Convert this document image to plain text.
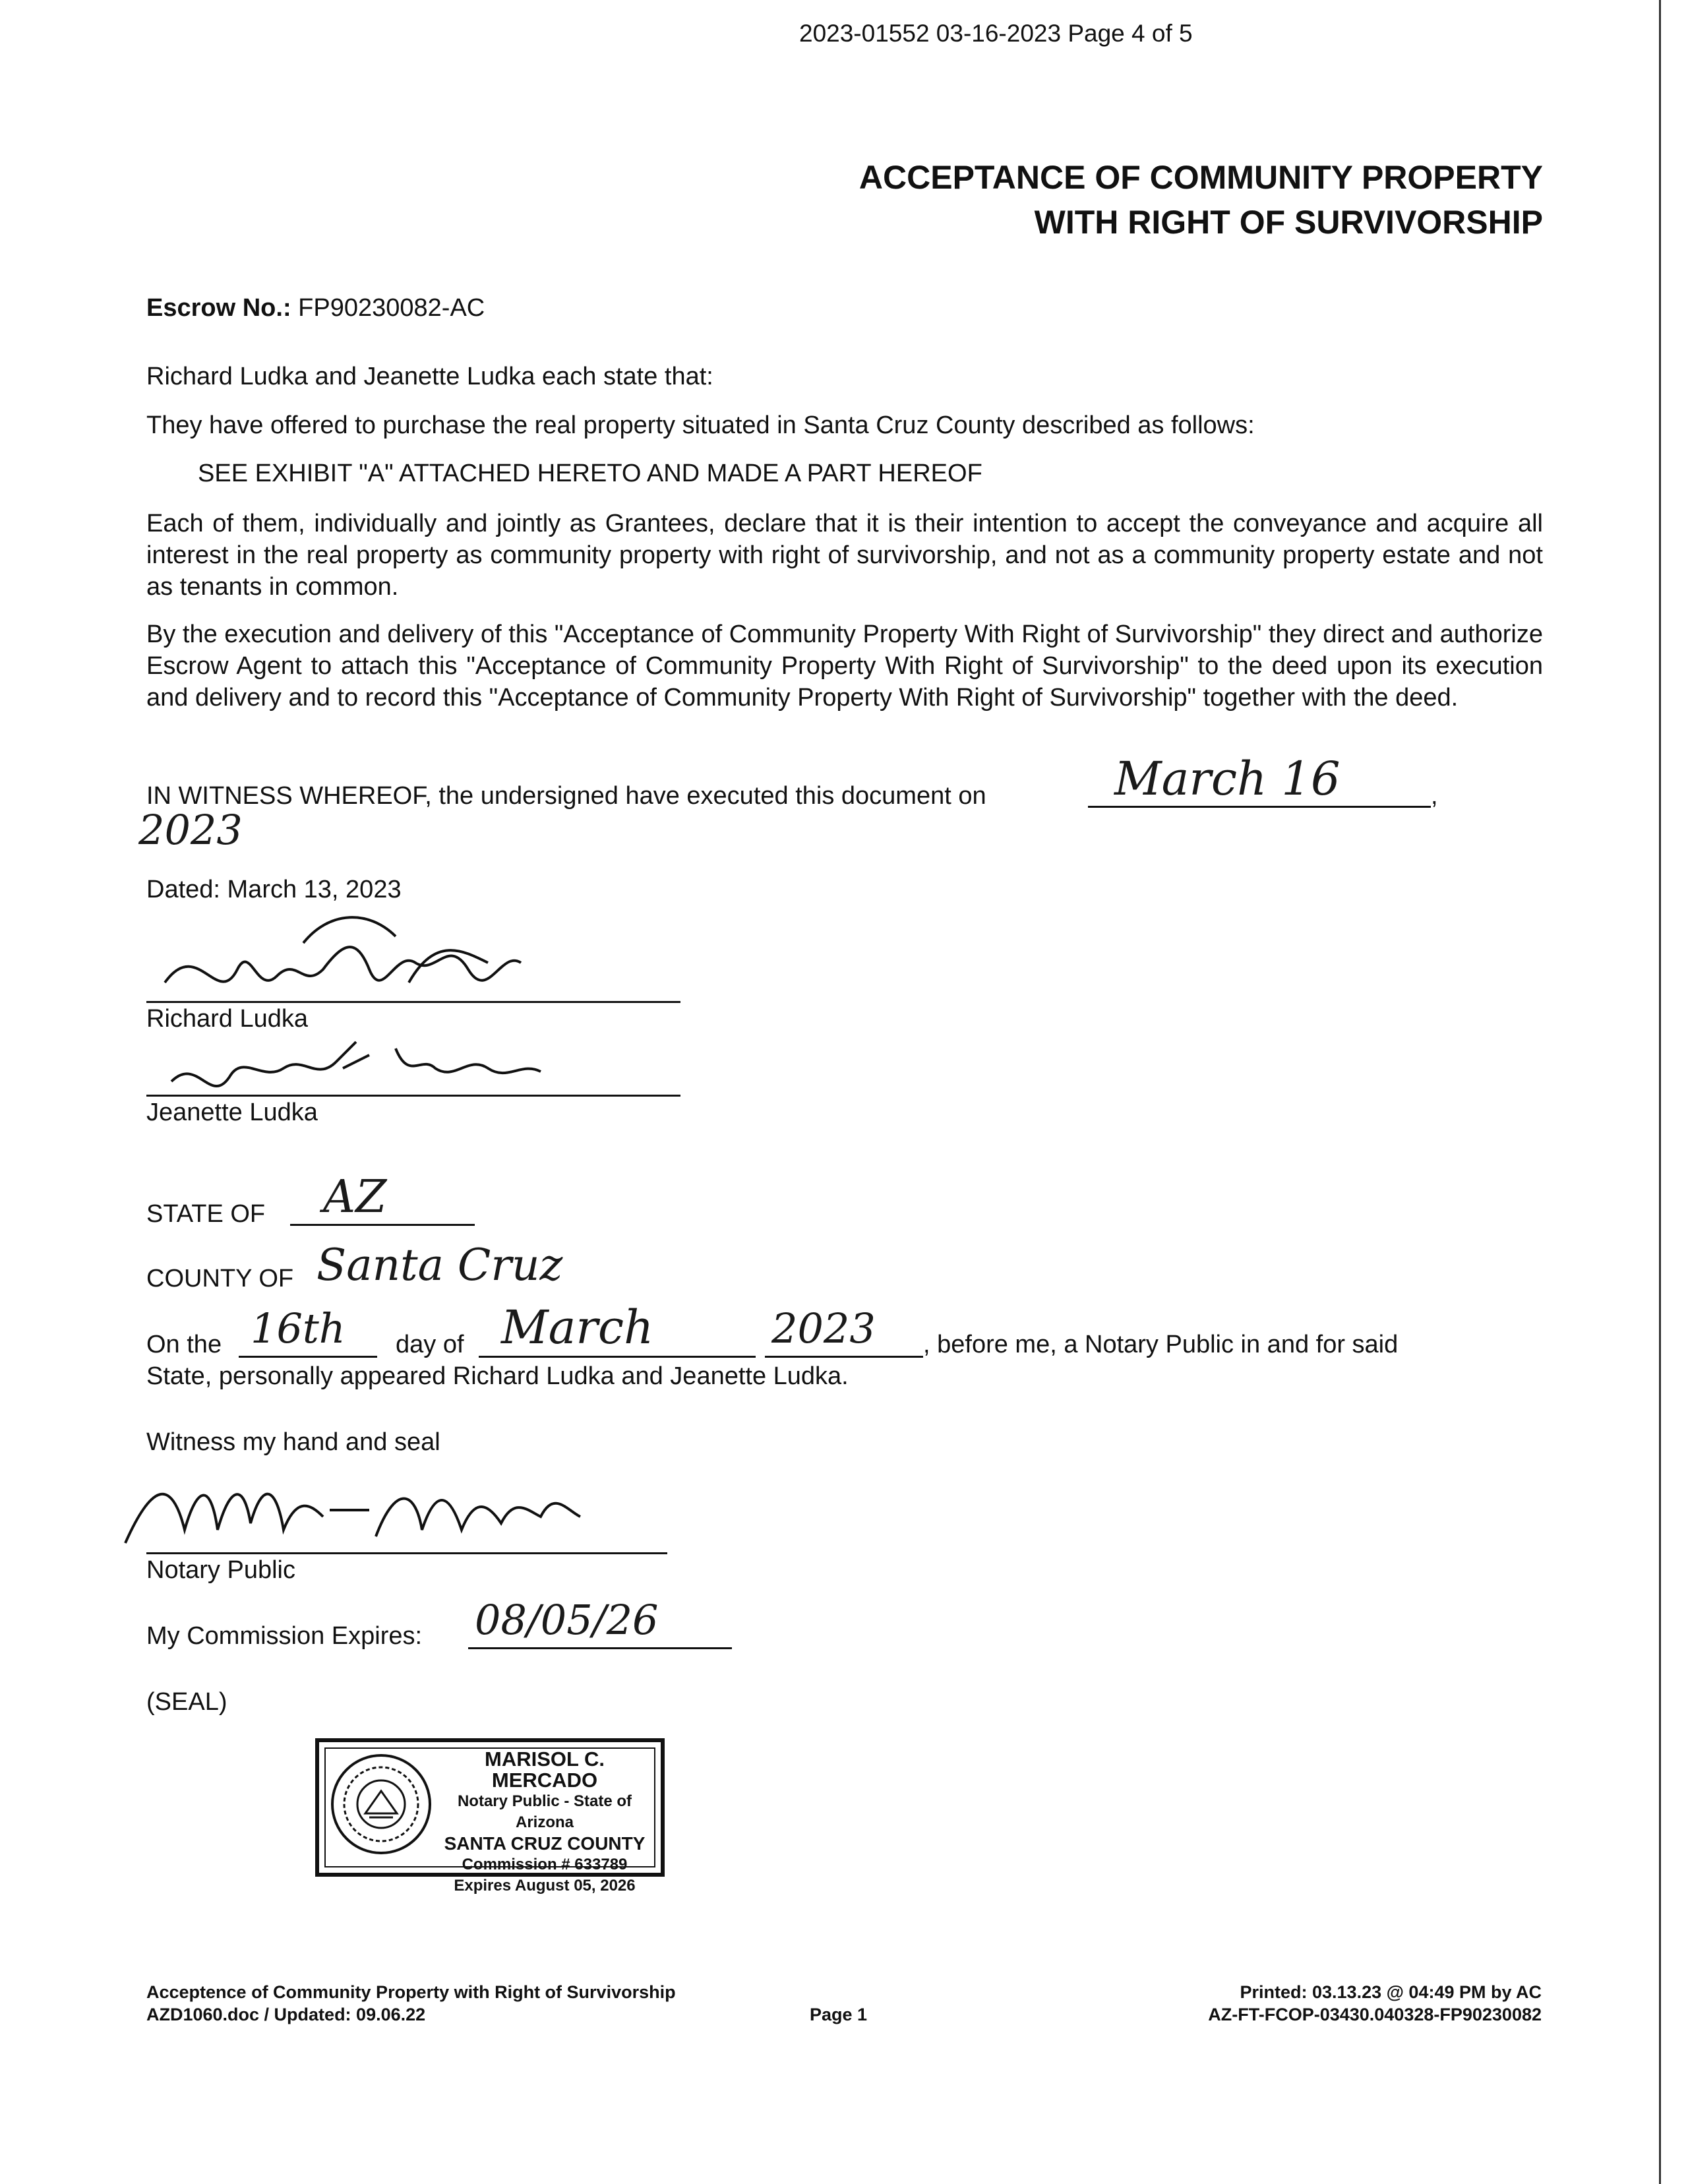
2023-01552 03-16-2023 Page 4 of 5
ACCEPTANCE OF COMMUNITY PROPERTY
WITH RIGHT OF SURVIVORSHIP
Escrow No.: FP90230082-AC
Richard Ludka and Jeanette Ludka each state that:
They have offered to purchase the real property situated in Santa Cruz County described as follows:
SEE EXHIBIT "A" ATTACHED HERETO AND MADE A PART HEREOF
Each of them, individually and jointly as Grantees, declare that it is their intention to accept the conveyance and acquire all interest in the real property as community property with right of survivorship, and not as a community property estate and not as tenants in common.
By the execution and delivery of this "Acceptance of Community Property With Right of Survivorship" they direct and authorize Escrow Agent to attach this "Acceptance of Community Property With Right of Survivorship" to the deed upon its execution and delivery and to record this "Acceptance of Community Property With Right of Survivorship" together with the deed.
IN WITNESS WHEREOF, the undersigned have executed this document on	March 16	,
2023
Dated: March 13, 2023
Richard Ludka
Jeanette Ludka
STATE OF AZ
COUNTY OF Santa Cruz
On the 16th day of March	2023 , before me, a Notary Public in and for said
State, personally appeared Richard Ludka and Jeanette Ludka.
Witness my hand and seal
Notary Public
My Commission Expires: 08/05/26
(SEAL)
MARISOL C. MERCADO
Notary Public - State of Arizona
SANTA CRUZ COUNTY
Commission # 633789
Expires August 05, 2026
Acceptence of Community Property with Right of Survivorship
AZD1060.doc / Updated: 09.06.22	Page 1
Printed: 03.13.23 @ 04:49 PM by AC
AZ-FT-FCOP-03430.040328-FP90230082
